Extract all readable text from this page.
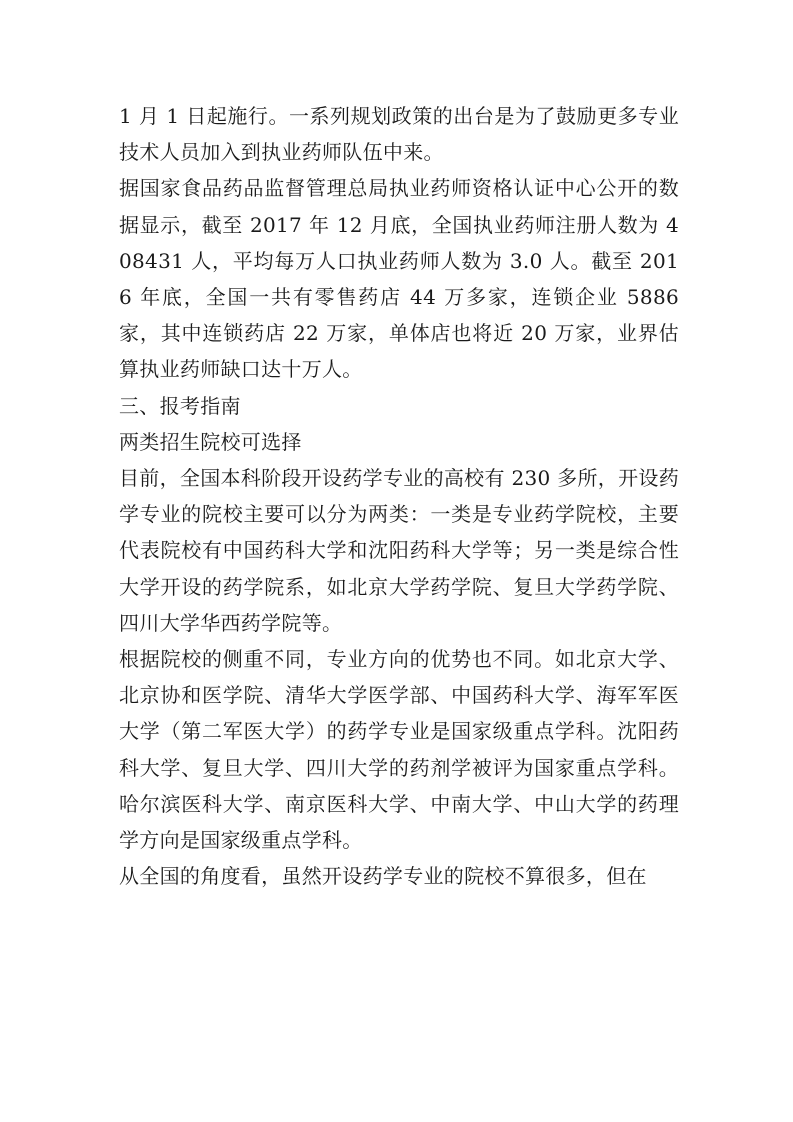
1 月 1 日起施行。一系列规划政策的出台是为了鼓励更多专业技术人员加入到执业药师队伍中来。

据国家食品药品监督管理总局执业药师资格认证中心公开的数据显示，截至 2017 年 12 月底，全国执业药师注册人数为 408431 人，平均每万人口执业药师人数为 3.0 人。截至 2016 年底，全国一共有零售药店 44 万多家，连锁企业 5886 家，其中连锁药店 22 万家，单体店也将近 20 万家，业界估算执业药师缺口达十万人。

三、报考指南

两类招生院校可选择

目前，全国本科阶段开设药学专业的高校有 230 多所，开设药学专业的院校主要可以分为两类：一类是专业药学院校，主要代表院校有中国药科大学和沈阳药科大学等；另一类是综合性大学开设的药学院系，如北京大学药学院、复旦大学药学院、四川大学华西药学院等。

根据院校的侧重不同，专业方向的优势也不同。如北京大学、北京协和医学院、清华大学医学部、中国药科大学、海军军医大学（第二军医大学）的药学专业是国家级重点学科。沈阳药科大学、复旦大学、四川大学的药剂学被评为国家重点学科。哈尔滨医科大学、南京医科大学、中南大学、中山大学的药理学方向是国家级重点学科。

从全国的角度看，虽然开设药学专业的院校不算很多，但在
